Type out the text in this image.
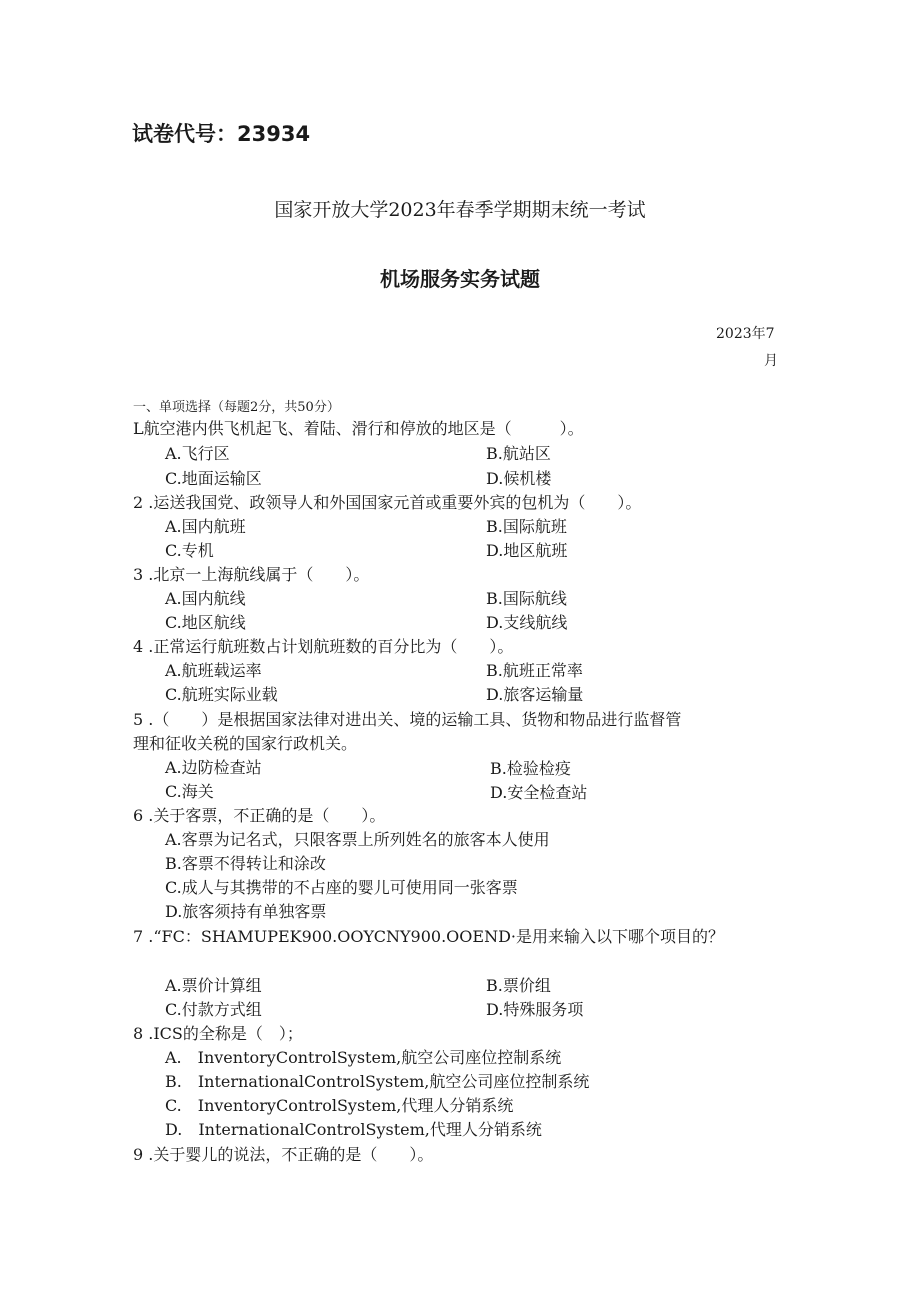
试卷代号：23934
国家开放大学2023年春季学期期末统一考试
机场服务实务试题
2023年7
月
一、单项选择（每题2分，共50分）
L航空港内供飞机起飞、着陆、滑行和停放的地区是（　　　）。
A.飞行区	B.航站区
C.地面运输区	D.候机楼
2 .运送我国党、政领导人和外国国家元首或重要外宾的包机为（　　）。
A.国内航班	B.国际航班
C.专机	D.地区航班
3 .北京一上海航线属于（　　）。
A.国内航线	B.国际航线
C.地区航线	D.支线航线
4 .正常运行航班数占计划航班数的百分比为（　　）。
A.航班载运率	B.航班正常率
C.航班实际业载	D.旅客运输量
5 .（　　）是根据国家法律对进出关、境的运输工具、货物和物品进行监督管
理和征收关税的国家行政机关。
A.边防检查站	B.检验检疫
C.海关	D.安全检查站
6 .关于客票，不正确的是（　　）。
A.客票为记名式，只限客票上所列姓名的旅客本人使用
B.客票不得转让和涂改
C.成人与其携带的不占座的婴儿可使用同一张客票
D.旅客须持有单独客票
7 .“FC：SHAMUPEK900.OOYCNY900.OOEND·是用来输入以下哪个项目的？
A.票价计算组	B.票价组
C.付款方式组	D.特殊服务项
8 .ICS的全称是（　）；
A.　InventoryControlSystem,航空公司座位控制系统
B.　InternationalControlSystem,航空公司座位控制系统
C.　InventoryControlSystem,代理人分销系统
D.　InternationalControlSystem,代理人分销系统
9 .关于婴儿的说法，不正确的是（　　）。
